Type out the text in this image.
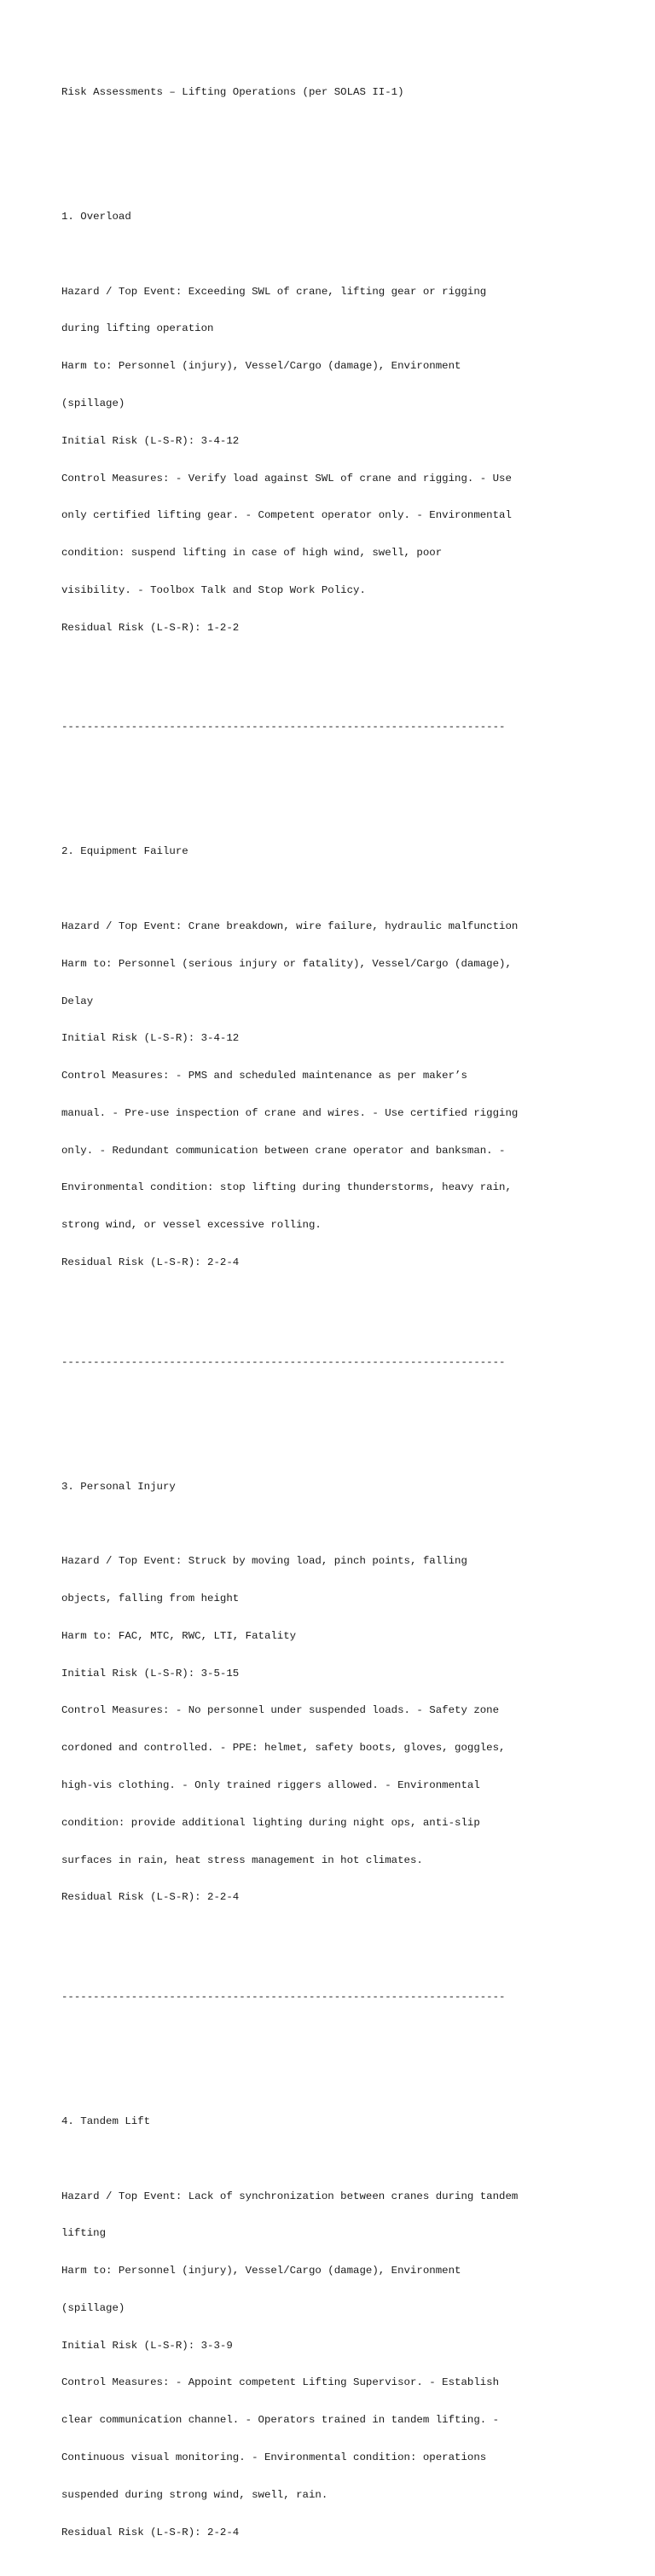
Risk Assessments – Lifting Operations (per SOLAS II-1)

1. Overload

Hazard / Top Event: Exceeding SWL of crane, lifting gear or rigging

during lifting operation

Harm to: Personnel (injury), Vessel/Cargo (damage), Environment

(spillage)

Initial Risk (L-S-R): 3-4-12

Control Measures: - Verify load against SWL of crane and rigging. - Use

only certified lifting gear. - Competent operator only. - Environmental

condition: suspend lifting in case of high wind, swell, poor

visibility. - Toolbox Talk and Stop Work Policy.

Residual Risk (L-S-R): 1-2-2

----------------------------------------------------------------------

2. Equipment Failure

Hazard / Top Event: Crane breakdown, wire failure, hydraulic malfunction

Harm to: Personnel (serious injury or fatality), Vessel/Cargo (damage),

Delay

Initial Risk (L-S-R): 3-4-12

Control Measures: - PMS and scheduled maintenance as per maker’s

manual. - Pre-use inspection of crane and wires. - Use certified rigging

only. - Redundant communication between crane operator and banksman. -

Environmental condition: stop lifting during thunderstorms, heavy rain,

strong wind, or vessel excessive rolling.

Residual Risk (L-S-R): 2-2-4

----------------------------------------------------------------------

3. Personal Injury

Hazard / Top Event: Struck by moving load, pinch points, falling

objects, falling from height

Harm to: FAC, MTC, RWC, LTI, Fatality

Initial Risk (L-S-R): 3-5-15

Control Measures: - No personnel under suspended loads. - Safety zone

cordoned and controlled. - PPE: helmet, safety boots, gloves, goggles,

high-vis clothing. - Only trained riggers allowed. - Environmental

condition: provide additional lighting during night ops, anti-slip

surfaces in rain, heat stress management in hot climates.

Residual Risk (L-S-R): 2-2-4

----------------------------------------------------------------------

4. Tandem Lift

Hazard / Top Event: Lack of synchronization between cranes during tandem

lifting

Harm to: Personnel (injury), Vessel/Cargo (damage), Environment

(spillage)

Initial Risk (L-S-R): 3-3-9

Control Measures: - Appoint competent Lifting Supervisor. - Establish

clear communication channel. - Operators trained in tandem lifting. -

Continuous visual monitoring. - Environmental condition: operations

suspended during strong wind, swell, rain.

Residual Risk (L-S-R): 2-2-4
